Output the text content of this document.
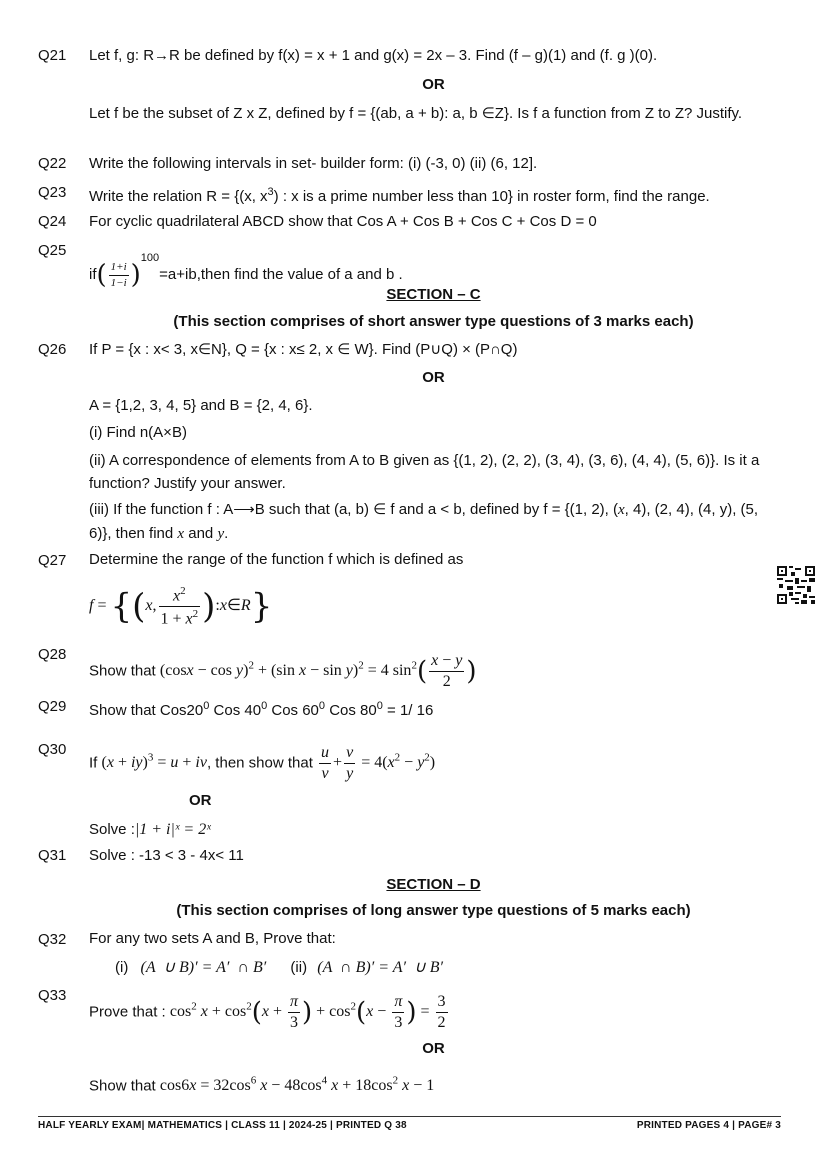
Q21 Let f, g: R→R be defined by f(x) = x + 1 and g(x) = 2x – 3. Find (f – g)(1) and (f. g )(0).
OR
Let f be the subset of Z x Z, defined by f = {(ab, a + b): a, b ∈Z}. Is f a function from Z to Z? Justify.
Q22 Write the following intervals in set- builder form: (i) (-3, 0) (ii) (6, 12].
Q23 Write the relation R = {(x, $x^3$) : x is a prime number less than 10} in roster form, find the range.
Q24 For cyclic quadrilateral ABCD show that Cos A + Cos B + Cos C + Cos D = 0
Q25
$if( \frac{1+і}{1-і}$ )$^{100}=a+ib,then$ find the value of a and b .
SECTION – C
(This section comprises of short answer type questions of 3 marks each)
Q26 If P = {x : x< 3, x∈N}, Q = {x : x≤ 2, x ∈ W}. Find (P∪Q) × (P∩Q)
OR
A = {1,2, 3, 4, 5} and B = {2, 4, 6}.
(i) Find n(A×B)
(ii) A correspondence of elements from A to B given as {(1, 2), (2, 2), (3, 4), (3, 6), (4, 4), (5, 6)}. Is it a function? Justify your answer.
(iii) If the function f : A⟶B such that (a, b) ∈ f and a < b, defined by f = {(1, 2), (x, 4), (2, 4), (4, y), (5, 6)}, then find x and y.
Q27 Determine the range of the function f which is defined as
f = {(x, $\frac{x^2}{1 + x^2}$ ):x∈R}
Q28
Show that $(\cos x - \cos y)^2 + (\sin$ x − sin y)$^2$ = 4 $\sin^2( \frac{x - y}{2}$ )
Q29 Show that $Cos20^0$ Cos $40^0$ Cos $60^0$ Cos $80^0 = 1/$ 16
Q30
If (x + iy)$^3$ = u + iv, then show that $\frac{u}{v} + \frac{v}{y} = 4(x^2 - y^2)$
OR
Solve :|1 + і|ˣ = 2ˣ
Q31 Solve : -13 < 3 - 4x< 11
SECTION – D
(This section comprises of long answer type questions of 5 marks each)
Q32 For any two sets A and B, Prove that:
(i) (A  ∪ B)′ = A′  ∩ B′ (ii) (A  ∩ B)′ = A′  ∪ B′
Q33
Prove that : $\cos^2 x + \cos^2(x + \frac{\pi}{3}$ ) + $\cos^2(x - \frac{\pi}{3}$ ) = $\frac{3}{2}$
OR
Show that $\cos 6x = 32\cos^6$ $x - 48\cos^4$ $x + 18\cos^2$ x − 1
HALF YEARLY EXAM| MATHEMATICS | CLASS 11 | 2024-25 | PRINTED Q 38	PRINTED PAGES 4 | PAGE# 3
